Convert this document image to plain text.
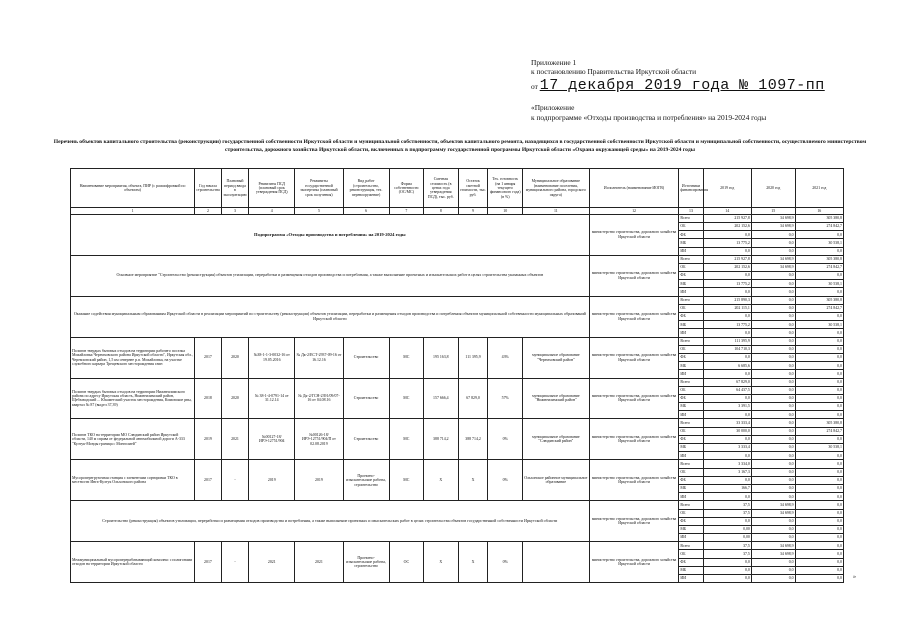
Приложение 1
к постановлению Правительства Иркутской области
от 17 декабря 2019 года № 1097-пп
«Приложение
к подпрограмме «Отходы производства и потребления» на 2019-2024 годы
Перечень объектов капитального строительства (реконструкции) государственной собственности Иркутской области и муниципальной собственности, объектов капитального ремонта, находящихся в государственной собственности Иркутской области и муниципальной собственности, осуществляемого министерством строительства, дорожного хозяйства Иркутской области, включенных в подпрограмму государственной программы Иркутской области «Охрана окружающей среды» на 2019-2024 годы
Наименование мероприятия, объекта, ПИР (с расшифровкой по объектам)	Год начала строительства	Плановый период ввода в эксплуатацию	Реквизиты ПСД (плановый срок утверждения ПСД)	Реквизиты государственной экспертизы (плановый срок получения)	Вид работ (строительство, реконструкция, тех. перевооружение)	Форма собственности (ОС/МС)	Сметная стоимость (в ценах года утверждения ПСД), тыс. руб.	Остаток сметной стоимости, тыс. руб.	Тех. готовность (на 1 января текущего финансового года) (в %)	Муниципальное образование (наименование поселения, муниципального района, городского округа)	Исполнитель (наименование ИОГВ)	Источники финансирования	2019 год	2020 год	2021 год
1	2	3	4	5	6	7	8	9	10	11	12	13	14	15	16
Подпрограмма «Отходы производства и потребления» на 2019-2024 годы											министерство строительства, дорожного хозяйства Иркутской области	Всего	215 927,8	34 698,9	305 380,8
												ОБ	202 152,6	34 698,9	274 842,7
												ФБ	0,0	0,0	0,0
												МБ	13 775,2	0,0	30 538,1
												ИИ	0,0	0,0	0,0
Основное мероприятие "Строительство (реконструкция) объектов утилизации, переработки и размещения отходов производства и потребления, а также выполнение проектных и изыскательских работ в целях строительства указанных объектов											министерство строительства, дорожного хозяйства Иркутской области	Всего	215 927,8	34 698,9	305 380,8
												ОБ	202 152,6	34 698,9	274 842,7
												ФБ	0,0	0,0	0,0
												МБ	13 775,2	0,0	30 538,1
												ИИ	0,0	0,0	0,0
Оказание содействия муниципальным образованиям Иркутской области в реализации мероприятий по строительству (реконструкции) объектов утилизации, переработки и размещения отходов производства и потребления объектов муниципальной собственности муниципальных образований Иркутской области											министерство строительства, дорожного хозяйства Иркутской области	Всего	215 890,3	0,0	305 380,8
												ОБ	202 115,1	0,0	274 842,7
												ФБ	0,0	0,0	0,0
												МБ	13 775,2	0,0	30 538,1
												ИИ	0,0	0,0	0,0
Полигон твердых бытовых отходов на территории рабочего поселка Михайловка Черемховского района Иркутской области", Иркутская обл., Черемховский район, 1,5 км севернее р.п. Михайловка, на участке служебного карьера Трещевского месторождения глин	2017	2020	№38-1-1-3-0032-16 от 19.05.2016	№ Дк-2/ЕСТ-2937-09-16 от 16.12.16	Строительство	МС	195 163,8	111 395,9	43%	муниципальное образование "Черемховский район"	министерство строительства, дорожного хозяйства Иркутской области	Всего	111 395,9	0,0	0,0
												ОБ	104 710,3	0,0	0,0
												ФБ	0,0	0,0	0,0
												МБ	6 685,6	0,0	0,0
												ИИ	0,0	0,0	0,0
Полигон твердых бытовых отходов на территории Нижнеилимского района по адресу Иркутская область, Нижнеилимский район, Щебзаводский ... Юкаметский участок месторождения, Кимовские рвы, квартал № 87 (выдел 37,39)	2018	2020	№ 38-1-4-0791-14 от 31.12.14	№ Дк-2/ГСН-2391/09/07-16 от 04.08.16	Строительство	МС	157 666,4	67 829,0	57%	муниципальное образование "Нижнеилимский район"	министерство строительства, дорожного хозяйства Иркутской области	Всего	67 829,0	0,0	0,0
												ОБ	64 437,5	0,0	0,0
												ФБ	0,0	0,0	0,0
												МБ	3 391,5	0,0	0,0
												ИИ	0,0	0,0	0,0
Полигон ТКО на территории МО Слюдянский район Иркутской области, 140 м справа от федеральной автомобильной дороги А-333 "Култук-Монды граница с Монголией"	2019	2021	№00127-18/ИРЭ-12751/904	№00126-18/ИРЭ-12751/904/П от 02.08.2019	Строительство	МС	388 714,2	388 714,2	0%	муниципальное образование "Слюдянский район"	министерство строительства, дорожного хозяйства Иркутской области	Всего	33 333,4	0,0	305 380,8
												ОБ	30 000,0	0,0	274 842,7
												ФБ	0,0	0,0	0,0
												МБ	3 333,4	0,0	30 538,1
												ИИ	0,0	0,0	0,0
Мусороперегрузочная станция с элементами сортировки ТКО в местности Инга-Култук Ольхонского района	2017	-	2019	2019	Проектно-изыскательские работы, строительство	МС	X	X	0%	Ольхонское районное муниципальное образование	министерство строительства, дорожного хозяйства Иркутской области	Всего	3 334,0	0,0	0,0
												ОБ	3 167,3	0,0	0,0
												ФБ	0,0	0,0	0,0
												МБ	166,7	0,0	0,0
												ИИ	0,0	0,0	0,0
Строительство (реконструкция) объектов утилизации, переработки и размещения отходов производства и потребления, а также выполнение проектных и изыскательских работ в целях строительства объектов государственной собственности Иркутской области											министерство строительства, дорожного хозяйства Иркутской области	Всего	37,5	34 698,9	0,0
												ОБ	37,5	34 698,9	0,0
												ФБ	0,0	0,0	0,0
												МБ	0,00	0,0	0,0
												ИИ	0,00	0,0	0,0
Межмуниципальный мусороперерабатывающий комплекс с полигонами отходов на территории Иркутской области	2017	-	2021	2021	Проектно-изыскательские работы, строительство	ОС	X	X	0%		министерство строительства, дорожного хозяйства Иркутской области	Всего	37,5	34 698,9	0,0
												ОБ	37,5	34 698,9	0,0
												ФБ	0,0	0,0	0,0
												МБ	0,0	0,0	0,0
												ИИ	0,0	0,0	0,0 »
